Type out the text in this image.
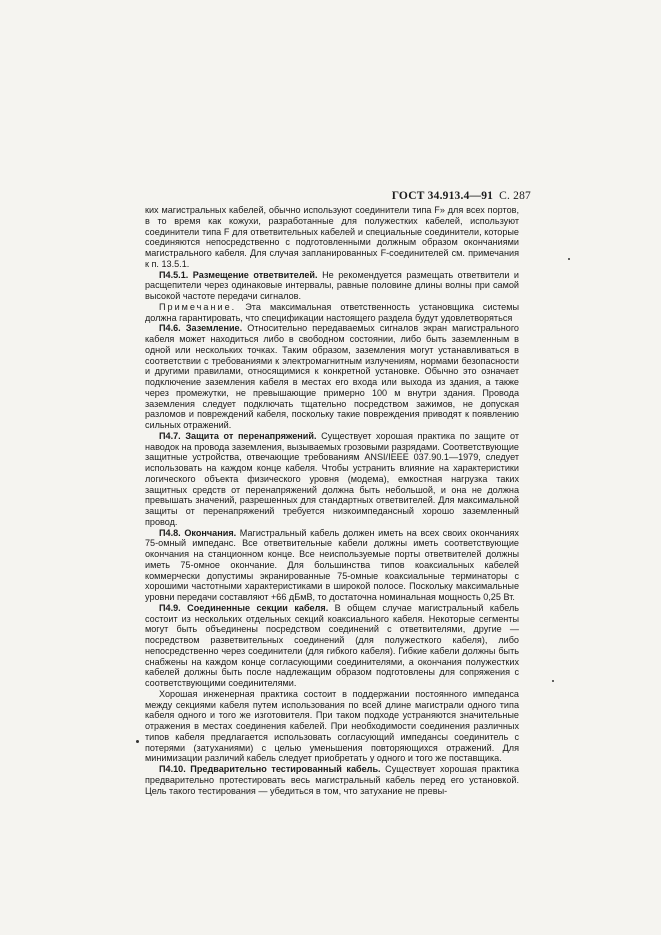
ГОСТ 34.913.4—91 С. 287

ких магистральных кабелей, обычно используют соединители типа F» для всех портов, в то время как кожухи, разработанные для полужестких кабелей, используют соединители типа F для ответвительных кабелей и специальные соединители, которые соединяются непосредственно с подготовленными должным образом окончаниями магистрального кабеля. Для случая запланированных F-соединителей см. примечания к п. 13.5.1.

П4.5.1. Размещение ответвителей. Не рекомендуется размещать ответвители и расщепители через одинаковые интервалы, равные половине длины волны при самой высокой частоте передачи сигналов.

Примечание. Эта максимальная ответственность установщика системы должна гарантировать, что спецификации настоящего раздела будут удовлетворяться

П4.6. Заземление. Относительно передаваемых сигналов экран магистрального кабеля может находиться либо в свободном состоянии, либо быть заземленным в одной или нескольких точках. Таким образом, заземления могут устанавливаться в соответствии с требованиями к электромагнитным излучениям, нормами безопасности и другими правилами, относящимися к конкретной установке. Обычно это означает подключение заземления кабеля в местах его входа или выхода из здания, а также через промежутки, не превышающие примерно 100 м внутри здания. Провода заземления следует подключать тщательно посредством зажимов, не допуская разломов и повреждений кабеля, поскольку такие повреждения приводят к появлению сильных отражений.

П4.7. Защита от перенапряжений. Существует хорошая практика по защите от наводок на провода заземления, вызываемых грозовыми разрядами. Соответствующие защитные устройства, отвечающие требованиям ANSI/IEEE 037.90.1—1979, следует использовать на каждом конце кабеля. Чтобы устранить влияние на характеристики логического объекта физического уровня (модема), емкостная нагрузка таких защитных средств от перенапряжений должна быть небольшой, и она не должна превышать значений, разрешенных для стандартных ответвителей. Для максимальной защиты от перенапряжений требуется низкоимпедансный хорошо заземленный провод.

П4.8. Окончания. Магистральный кабель должен иметь на всех своих окончаниях 75-омный импеданс. Все ответвительные кабели должны иметь соответствующие окончания на станционном конце. Все неиспользуемые порты ответвителей должны иметь 75-омное окончание. Для большинства типов коаксиальных кабелей коммерчески допустимы экранированные 75-омные коаксиальные терминаторы с хорошими частотными характеристиками в широкой полосе. Поскольку максимальные уровни передачи составляют +66 дБмВ, то достаточна номинальная мощность 0,25 Вт.

П4.9. Соединенные секции кабеля. В общем случае магистральный кабель состоит из нескольких отдельных секций коаксиального кабеля. Некоторые сегменты могут быть объединены посредством соединений с ответвителями, другие — посредством разветвительных соединений (для полужесткого кабеля), либо непосредственно через соединители (для гибкого кабеля). Гибкие кабели должны быть снабжены на каждом конце согласующими соединителями, а окончания полужестких кабелей должны быть после надлежащим образом подготовлены для сопряжения с соответствующими соединителями.

Хорошая инженерная практика состоит в поддержании постоянного импеданса между секциями кабеля путем использования по всей длине магистрали одного типа кабеля одного и того же изготовителя. При таком подходе устраняются значительные отражения в местах соединения кабелей. При необходимости соединения различных типов кабеля предлагается использовать согласующий импедансы соединитель с потерями (затуханиями) с целью уменьшения повторяющихся отражений. Для минимизации различий кабель следует приобретать у одного и того же поставщика.

П4.10. Предварительно тестированный кабель. Существует хорошая практика предварительно протестировать весь магистральный кабель перед его установкой. Цель такого тестирования — убедиться в том, что затухание не превы-
